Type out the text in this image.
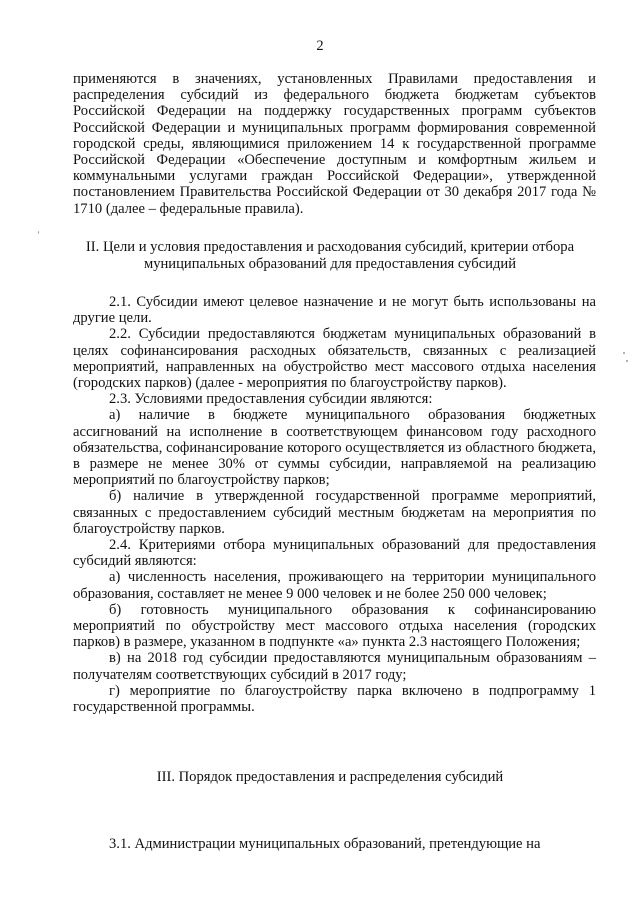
2

применяются в значениях, установленных Правилами предоставления и распределения субсидий из федерального бюджета бюджетам субъектов Российской Федерации на поддержку государственных программ субъектов Российской Федерации и муниципальных программ формирования современной городской среды, являющимися приложением 14 к государственной программе Российской Федерации «Обеспечение доступным и комфортным жильем и коммунальными услугами граждан Российской Федерации», утвержденной постановлением Правительства Российской Федерации от 30 декабря 2017 года № 1710 (далее – федеральные правила).

II. Цели и условия предоставления и расходования субсидий, критерии отбора муниципальных образований для предоставления субсидий

2.1. Субсидии имеют целевое назначение и не могут быть использованы на другие цели.

2.2. Субсидии предоставляются бюджетам муниципальных образований в целях софинансирования расходных обязательств, связанных с реализацией мероприятий, направленных на обустройство мест массового отдыха населения (городских парков) (далее - мероприятия по благоустройству парков).

2.3. Условиями предоставления субсидии являются:

а) наличие в бюджете муниципального образования бюджетных ассигнований на исполнение в соответствующем финансовом году расходного обязательства, софинансирование которого осуществляется из областного бюджета, в размере не менее 30% от суммы субсидии, направляемой на реализацию мероприятий по благоустройству парков;

б) наличие в утвержденной государственной программе мероприятий, связанных с предоставлением субсидий местным бюджетам на мероприятия по благоустройству парков.

2.4. Критериями отбора муниципальных образований для предоставления субсидий являются:

а) численность населения, проживающего на территории муниципального образования, составляет не менее 9 000 человек и не более 250 000 человек;

б) готовность муниципального образования к софинансированию мероприятий по обустройству мест массового отдыха населения (городских парков) в размере, указанном в подпункте «а» пункта 2.3 настоящего Положения;

в) на 2018 год субсидии предоставляются муниципальным образованиям – получателям соответствующих субсидий в 2017 году;

г) мероприятие по благоустройству парка включено в подпрограмму 1 государственной программы.

III. Порядок предоставления и распределения субсидий

3.1. Администрации муниципальных образований, претендующие на
